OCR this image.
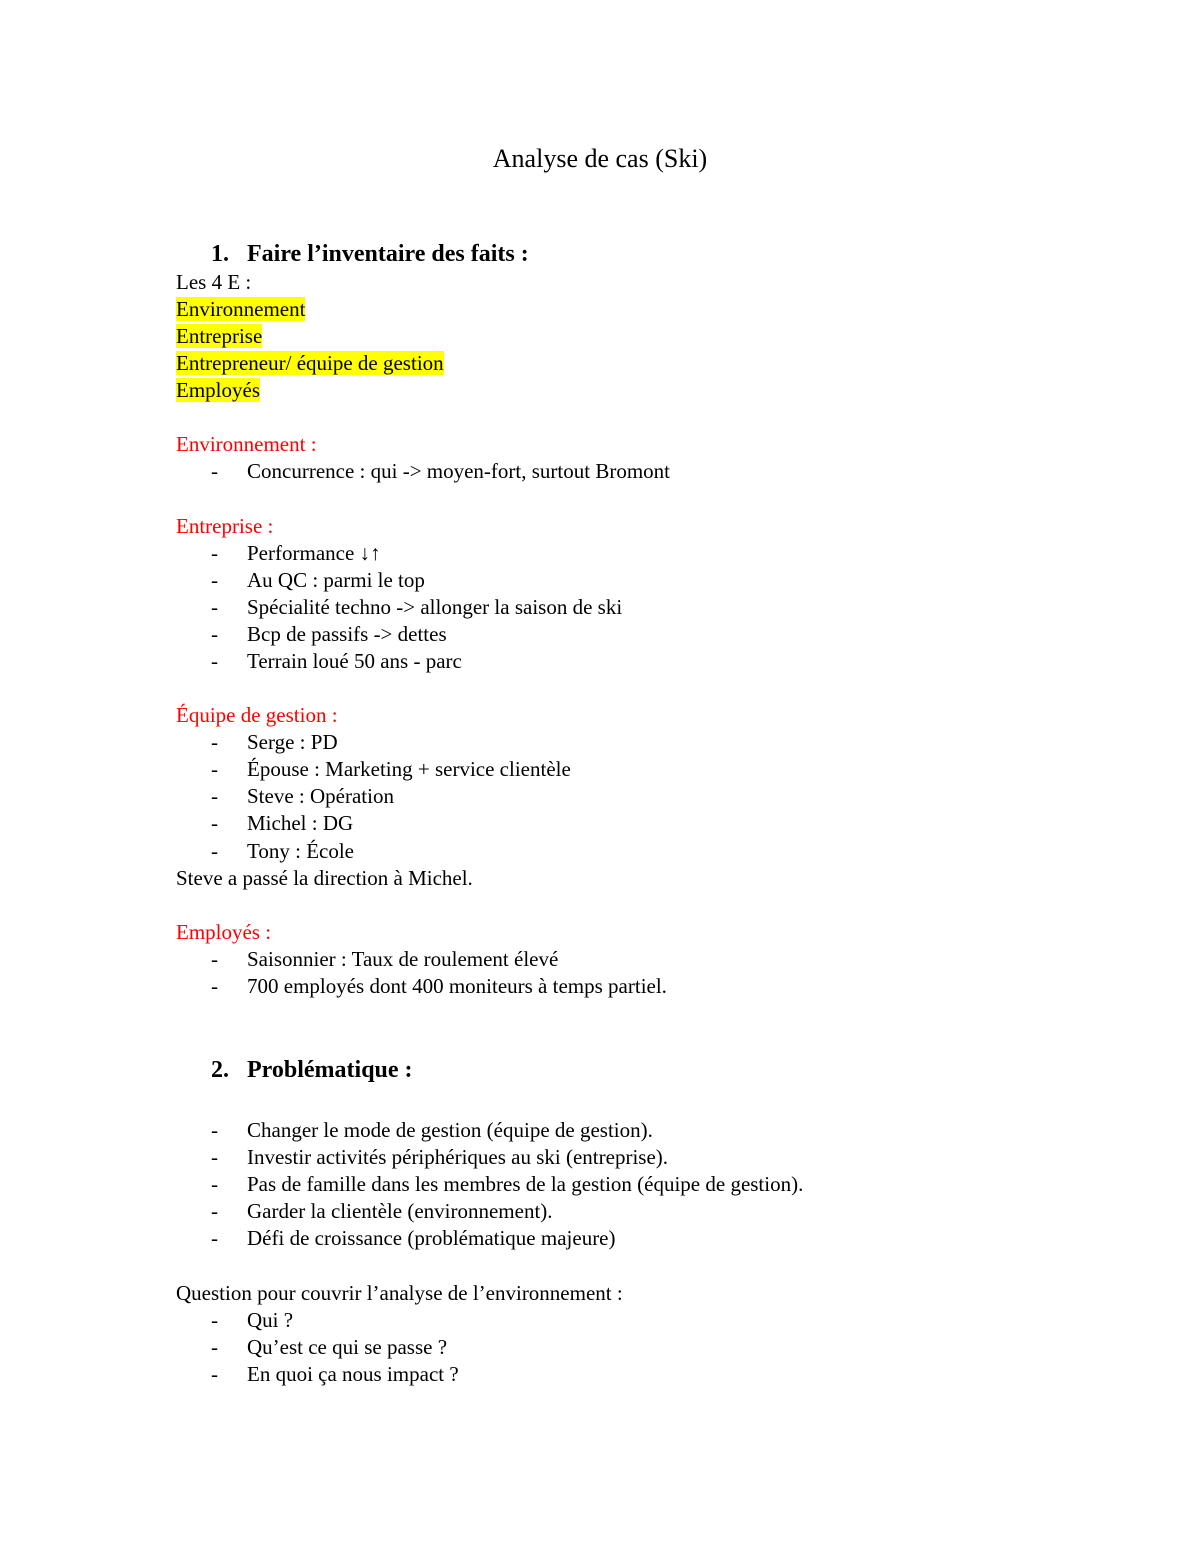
Analyse de cas (Ski)
1. Faire l’inventaire des faits :
Les 4 E :
Environnement
Entreprise
Entrepreneur/ équipe de gestion
Employés
Environnement :
- Concurrence : qui -> moyen-fort, surtout Bromont
Entreprise :
- Performance ↓↑
- Au QC : parmi le top
- Spécialité techno -> allonger la saison de ski
- Bcp de passifs -> dettes
- Terrain loué 50 ans - parc
Équipe de gestion :
- Serge : PD
- Épouse : Marketing + service clientèle
- Steve : Opération
- Michel : DG
- Tony : École
Steve a passé la direction à Michel.
Employés :
- Saisonnier : Taux de roulement élevé
- 700 employés dont 400 moniteurs à temps partiel.
2. Problématique :
- Changer le mode de gestion (équipe de gestion).
- Investir activités périphériques au ski (entreprise).
- Pas de famille dans les membres de la gestion (équipe de gestion).
- Garder la clientèle (environnement).
- Défi de croissance (problématique majeure)
Question pour couvrir l’analyse de l’environnement :
- Qui ?
- Qu’est ce qui se passe ?
- En quoi ça nous impact ?
